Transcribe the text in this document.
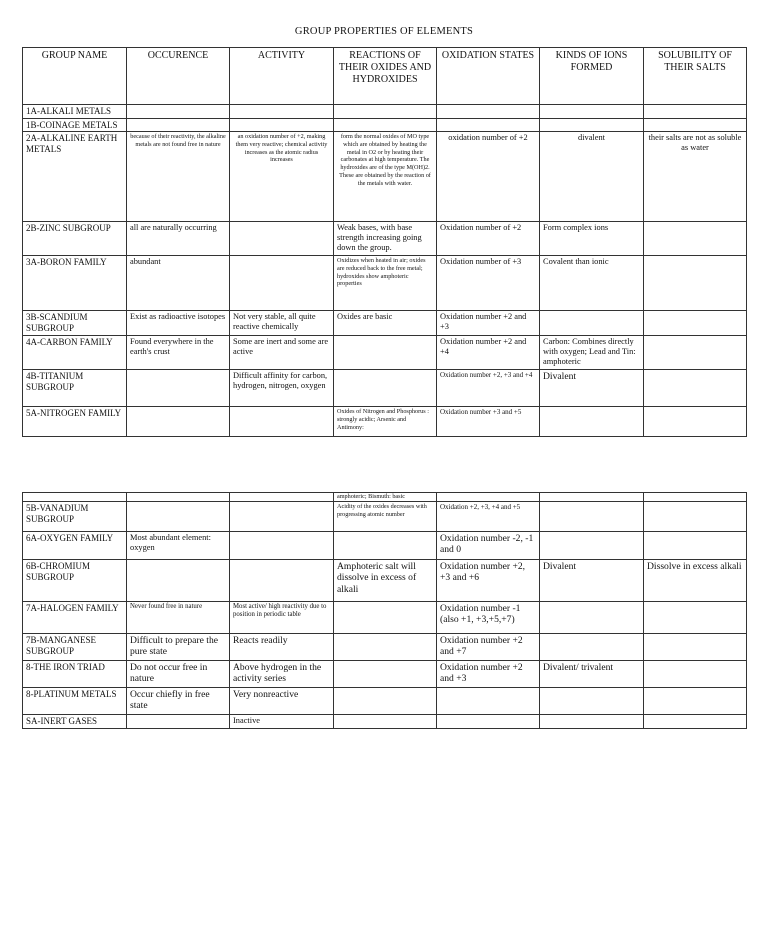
GROUP PROPERTIES OF ELEMENTS
GROUP NAME	OCCURENCE	ACTIVITY	REACTIONS OF THEIR OXIDES AND HYDROXIDES	OXIDATION STATES	KINDS OF IONS FORMED	SOLUBILITY OF THEIR SALTS
1A-ALKALI METALS						
1B-COINAGE METALS						
2A-ALKALINE EARTH METALS	because of their reactivity, the alkaline metals are not found free in nature	an oxidation number of +2, making them very reactive; chemical activity increases as the atomic radius increases	form the normal oxides of MO type which are obtained by heating the metal in O2 or by heating their carbonates at high temperature. The hydroxides are of the type M(OH)2. These are obtained by the reaction of the metals with water.	oxidation number of +2	divalent	their salts are not as soluble as water
2B-ZINC SUBGROUP	all are naturally occurring		Weak bases, with base strength increasing going down the group.	Oxidation number of +2	Form complex ions	
3A-BORON FAMILY	abundant		Oxidizes when heated in air; oxides are reduced back to the free metal; hydroxides show amphoteric properties	Oxidation number of +3	Covalent than ionic	
3B-SCANDIUM SUBGROUP	Exist as radioactive isotopes	Not very stable, all quite reactive chemically	Oxides are basic	Oxidation number +2 and +3		
4A-CARBON FAMILY	Found everywhere in the earth's crust	Some are inert and some are active		Oxidation number +2 and +4	Carbon: Combines directly with oxygen; Lead and Tin: amphoteric	
4B-TITANIUM SUBGROUP		Difficult affinity for carbon, hydrogen, nitrogen, oxygen		Oxidation number +2, +3 and +4	Divalent	
5A-NITROGEN FAMILY			Oxides of Nitrogen and Phosphorus : strongly acidic; Arsenic and Antimony:	Oxidation number +3 and +5		
			amphoteric; Bismuth: basic			
5B-VANADIUM SUBGROUP			Acidity of the oxides decreases with progressing atomic number	Oxidation +2, +3, +4 and +5		
6A-OXYGEN FAMILY	Most abundant element: oxygen			Oxidation number -2, -1 and 0		
6B-CHROMIUM SUBGROUP			Amphoteric salt will dissolve in excess of alkali	Oxidation number +2, +3 and +6	Divalent	Dissolve in excess alkali
7A-HALOGEN FAMILY	Never found free in nature	Most active/ high reactivity due to position in periodic table		Oxidation number -1 (also +1, +3,+5,+7)		
7B-MANGANESE SUBGROUP	Difficult to prepare the pure state	Reacts readily		Oxidation number +2 and +7		
8-THE IRON TRIAD	Do not occur free in nature	Above hydrogen in the activity series		Oxidation number +2 and +3	Divalent/ trivalent	
8-PLATINUM METALS	Occur chiefly in free state	Very nonreactive				
SA-INERT GASES		Inactive				
